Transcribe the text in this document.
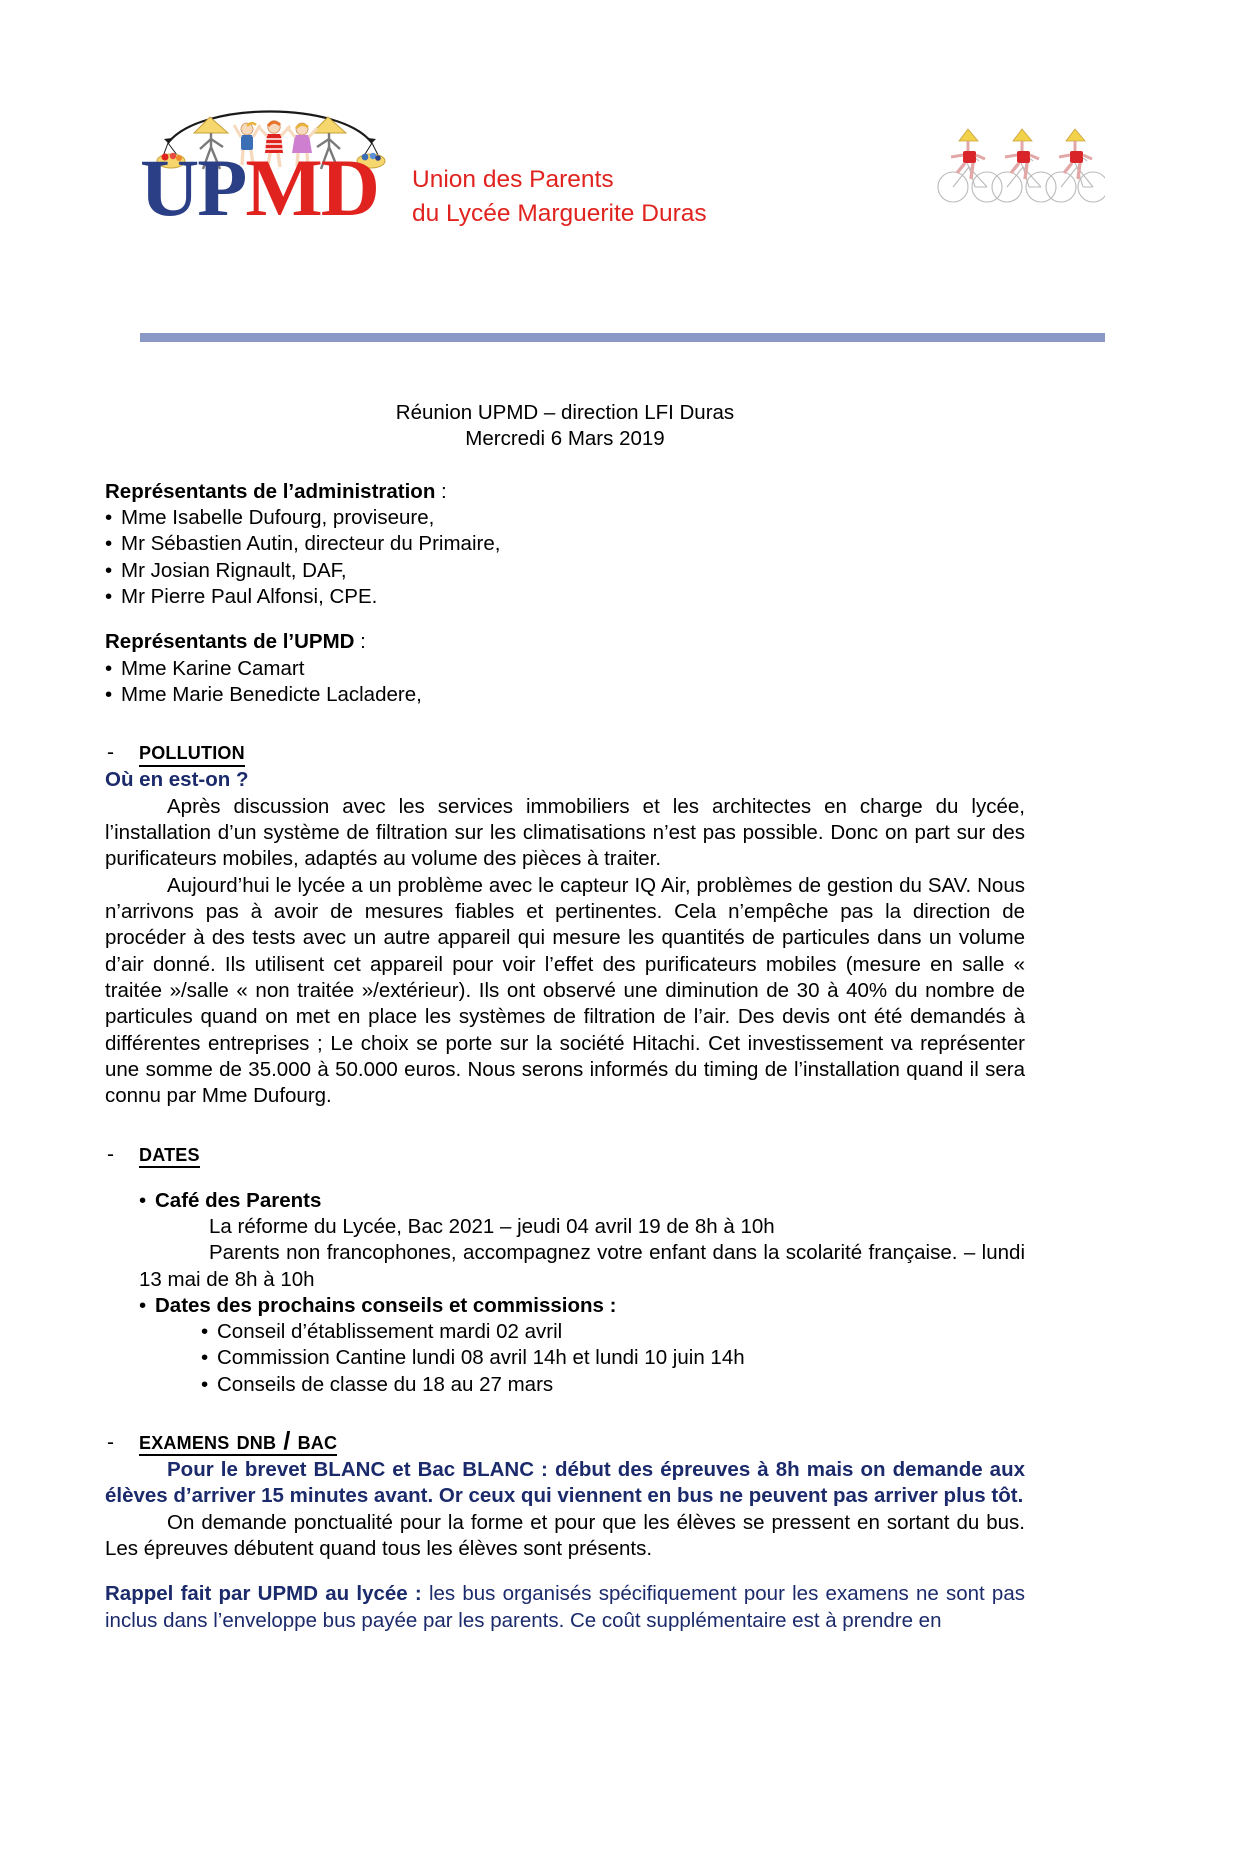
UPMD Union des Parents
du Lycée Marguerite Duras
Réunion UPMD – direction LFI Duras
Mercredi 6 Mars 2019
Représentants de l’administration :
• Mme Isabelle Dufourg, proviseure,
• Mr Sébastien Autin, directeur du Primaire,
• Mr Josian Rignault, DAF,
• Mr Pierre Paul Alfonsi, CPE.
Représentants de l’UPMD :
• Mme Karine Camart
• Mme Marie Benedicte Lacladere,
- pollution
Où en est-on ?
Après discussion avec les services immobiliers et les architectes en charge du lycée, l’installation d’un système de filtration sur les climatisations n’est pas possible. Donc on part sur des purificateurs mobiles, adaptés au volume des pièces à traiter.
Aujourd’hui le lycée a un problème avec le capteur IQ Air, problèmes de gestion du SAV. Nous n’arrivons pas à avoir de mesures fiables et pertinentes. Cela n’empêche pas la direction de procéder à des tests avec un autre appareil qui mesure les quantités de particules dans un volume d’air donné. Ils utilisent cet appareil pour voir l’effet des purificateurs mobiles (mesure en salle « traitée »/salle « non traitée »/extérieur). Ils ont observé une diminution de 30 à 40% du nombre de particules quand on met en place les systèmes de filtration de l’air. Des devis ont été demandés à différentes entreprises ; Le choix se porte sur la société Hitachi. Cet investissement va représenter une somme de 35.000 à 50.000 euros. Nous serons informés du timing de l’installation quand il sera connu par Mme Dufourg.
- dates
• Café des Parents
La réforme du Lycée, Bac 2021 – jeudi 04 avril 19 de 8h à 10h
Parents non francophones, accompagnez votre enfant dans la scolarité française. – lundi 13 mai de 8h à 10h
• Dates des prochains conseils et commissions :
• Conseil d’établissement mardi 02 avril
• Commission Cantine lundi 08 avril 14h et lundi 10 juin 14h
• Conseils de classe du 18 au 27 mars
- examens dnb / bac
Pour le brevet BLANC et Bac BLANC : début des épreuves à 8h mais on demande aux élèves d’arriver 15 minutes avant. Or ceux qui viennent en bus ne peuvent pas arriver plus tôt.
On demande ponctualité pour la forme et pour que les élèves se pressent en sortant du bus. Les épreuves débutent quand tous les élèves sont présents.
Rappel fait par UPMD au lycée : les bus organisés spécifiquement pour les examens ne sont pas inclus dans l’enveloppe bus payée par les parents. Ce coût supplémentaire est à prendre en
